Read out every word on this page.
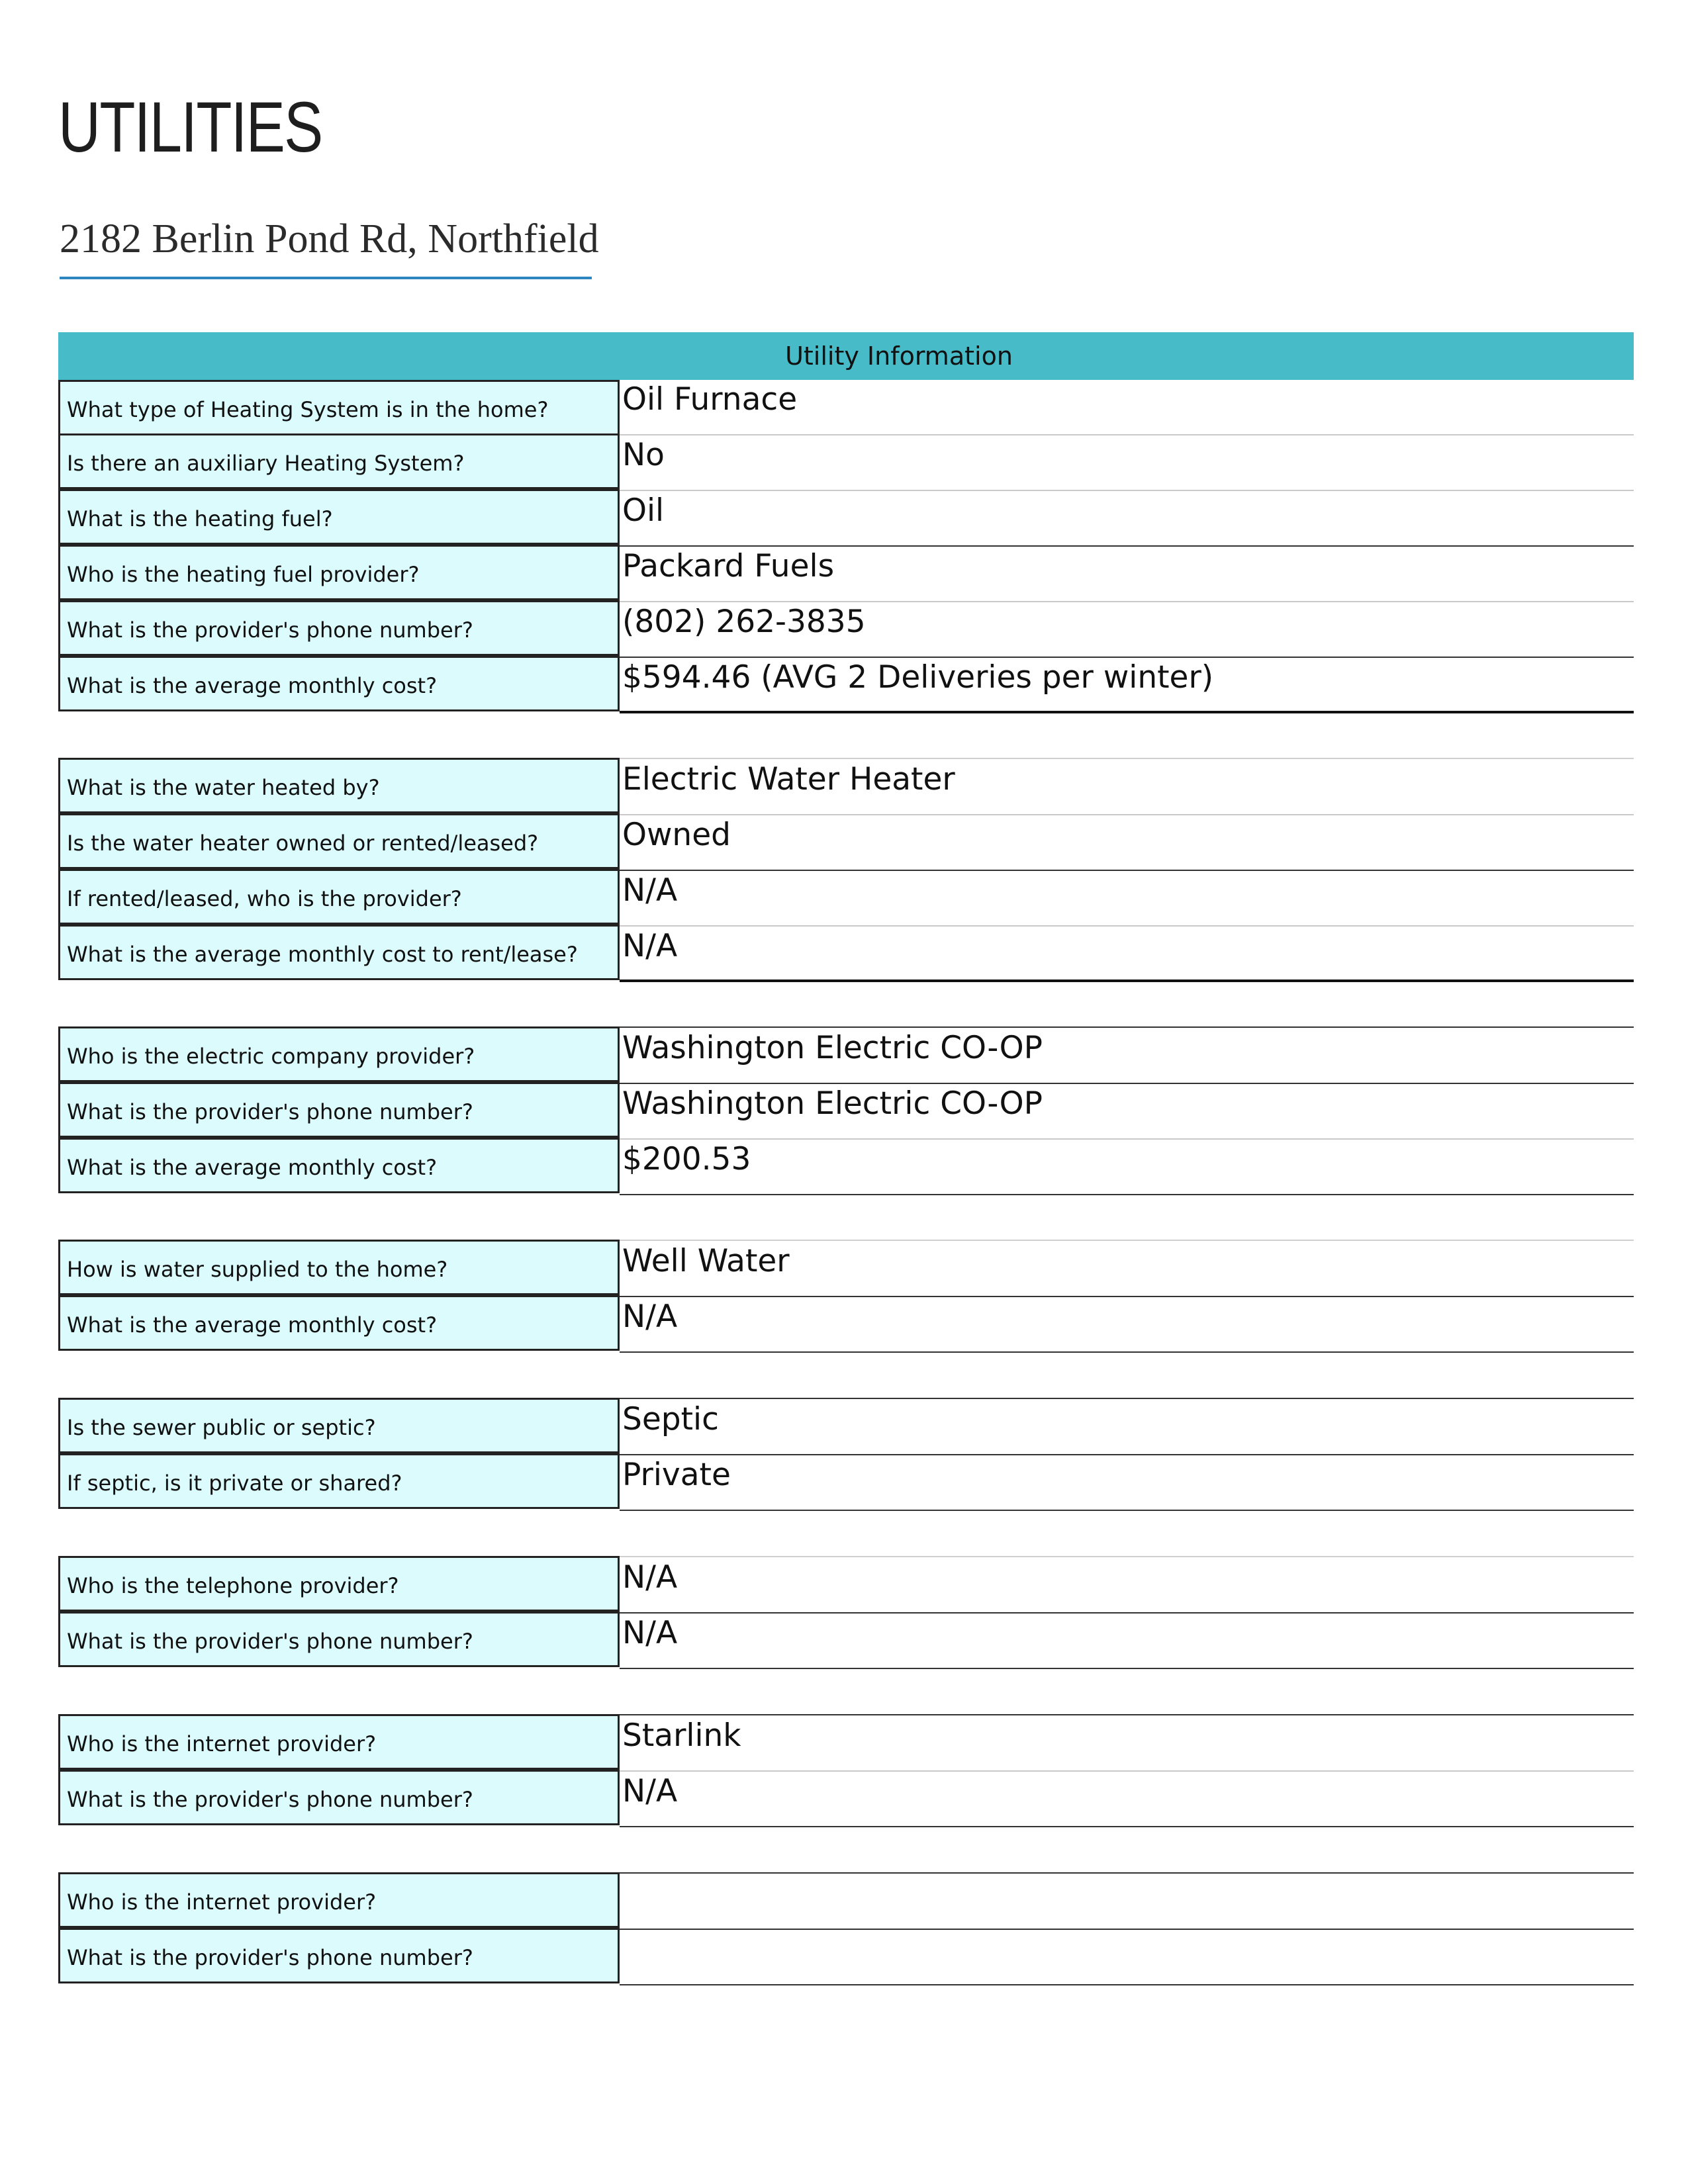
UTILITIES
2182 Berlin Pond Rd, Northfield
Utility Information
What type of Heating System is in the home?	Oil Furnace
Is there an auxiliary Heating System?	No
What is the heating fuel?	Oil
Who is the heating fuel provider?	Packard Fuels
What is the provider's phone number?	(802) 262-3835
What is the average monthly cost?	$594.46 (AVG 2 Deliveries per winter)
What is the water heated by?	Electric Water Heater
Is the water heater owned or rented/leased?	Owned
If rented/leased, who is the provider?	N/A
What is the average monthly cost to rent/lease?	N/A
Who is the electric company provider?	Washington Electric CO-OP
What is the provider's phone number?	Washington Electric CO-OP
What is the average monthly cost?	$200.53
How is water supplied to the home?	Well Water
What is the average monthly cost?	N/A
Is the sewer public or septic?	Septic
If septic, is it private or shared?	Private
Who is the telephone provider?	N/A
What is the provider's phone number?	N/A
Who is the internet provider?	Starlink
What is the provider's phone number?	N/A
Who is the internet provider?
What is the provider's phone number?
